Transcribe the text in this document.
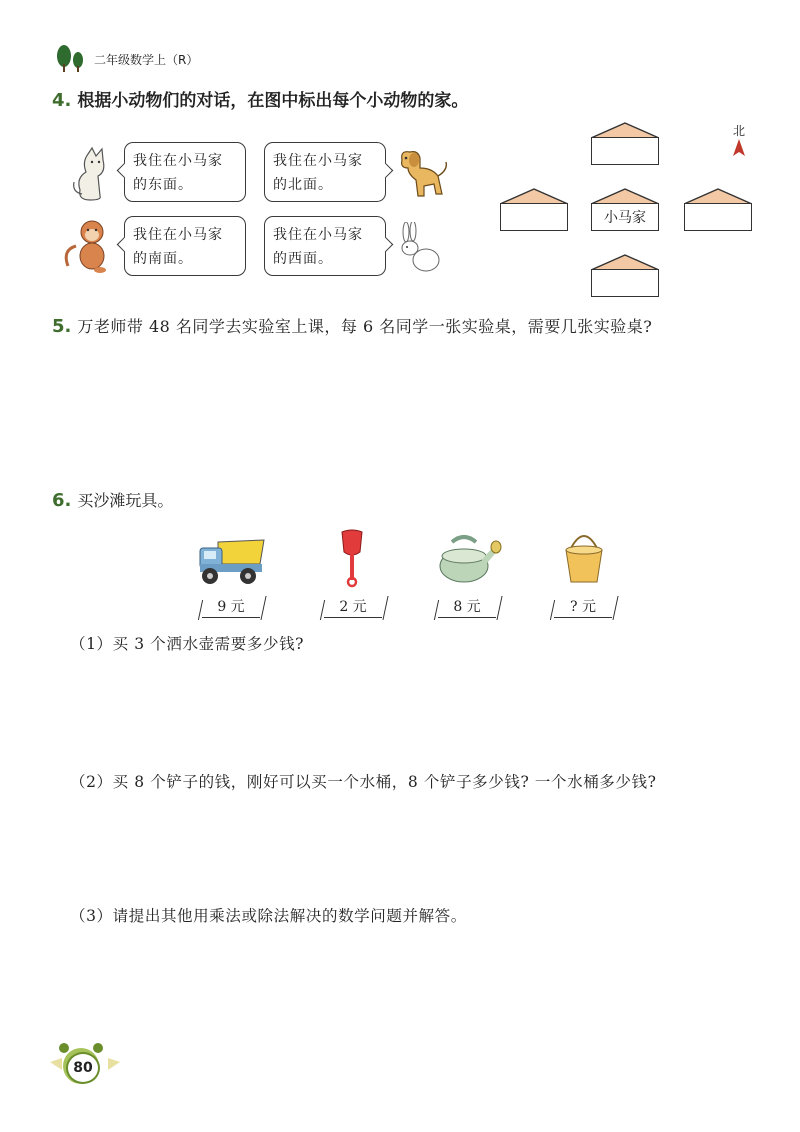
二年级数学上（R）
4. 根据小动物们的对话，在图中标出每个小动物的家。
我住在小马家
的东面。
我住在小马家
的北面。
我住在小马家
的南面。
我住在小马家
的西面。
小马家
北
5. 万老师带 48 名同学去实验室上课，每 6 名同学一张实验桌，需要几张实验桌?
6. 买沙滩玩具。
9 元	2 元	8 元	? 元
（1）买 3 个洒水壶需要多少钱?
（2）买 8 个铲子的钱，刚好可以买一个水桶，8 个铲子多少钱? 一个水桶多少钱?
（3）请提出其他用乘法或除法解决的数学问题并解答。
80
